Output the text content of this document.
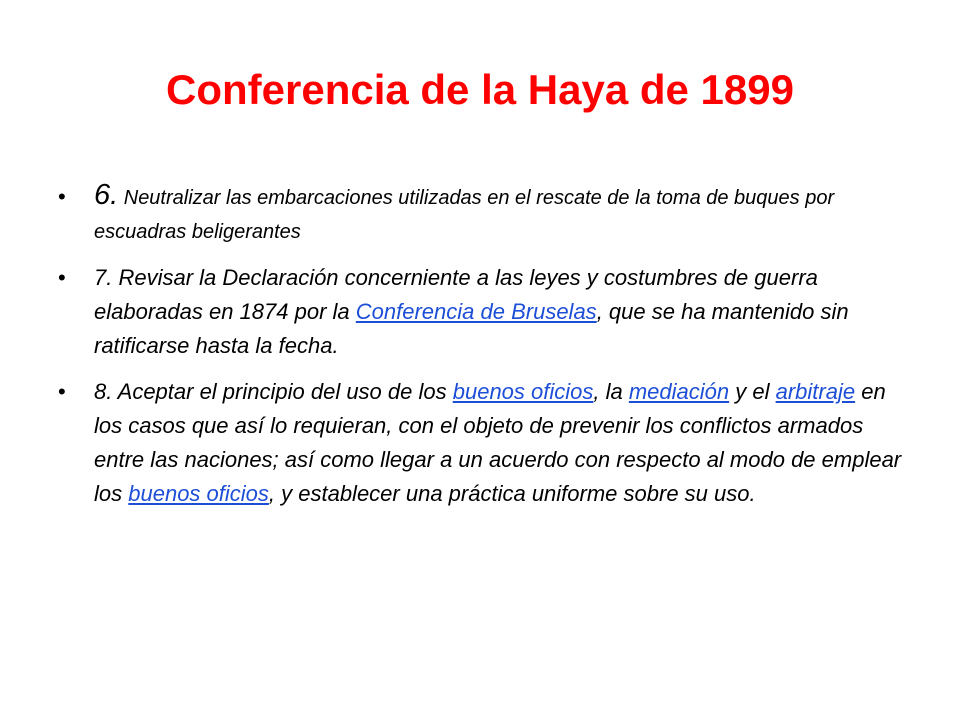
Conferencia de la Haya de 1899
• 6. Neutralizar las embarcaciones utilizadas en el rescate de la toma de buques por escuadras beligerantes
• 7. Revisar la Declaración concerniente a las leyes y costumbres de guerra elaboradas en 1874 por la Conferencia de Bruselas, que se ha mantenido sin ratificarse hasta la fecha.
• 8. Aceptar el principio del uso de los buenos oficios, la mediación y el arbitraje en los casos que así lo requieran, con el objeto de prevenir los conflictos armados entre las naciones; así como llegar a un acuerdo con respecto al modo de emplear los buenos oficios, y establecer una práctica uniforme sobre su uso.
